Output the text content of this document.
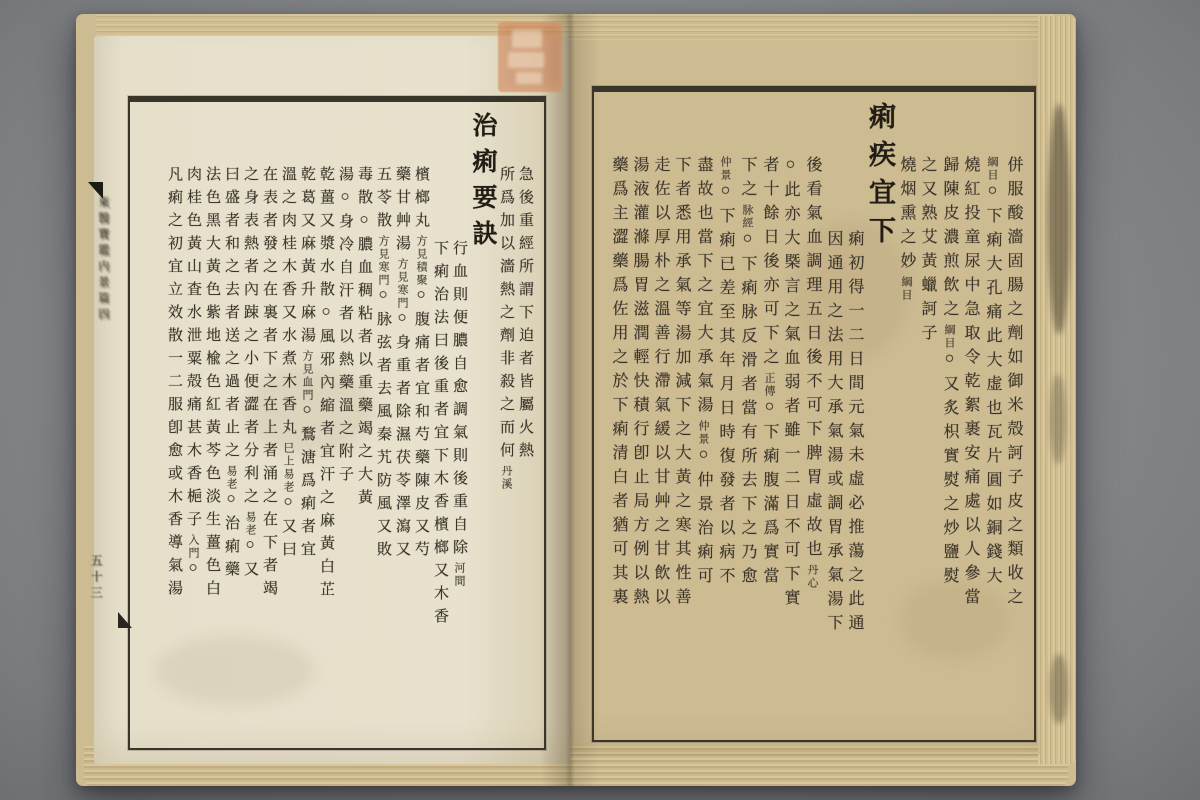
急後重經所謂下迫者皆屬火熱
所爲加以濇熱之劑非殺之而何丹溪
治痢要訣
行血則便膿自愈調氣則後重自除河間
下痢治法曰後重者宜下木香檳榔又木香
檳榔丸方見積聚○腹痛者宜和芍藥陳皮又芍
藥甘艸湯方見寒門○身重者除濕茯苓澤瀉又
五苓散方見寒門○脉弦者去風秦艽防風又敗
毒散○膿血稠粘者以重藥竭之大黃
湯○身冷自汗者以熱藥溫之附子
乾薑又漿水散○風邪內縮者宜汗之麻黃白芷
乾葛又麻黃升麻湯方見血門○鶩溏爲痢者宜
溫之肉桂木香又水煮木香丸巳上易老○又曰
在表者發之在裏者下之在上者涌之在下者竭
之身表熱者內踈之小便澀者分利之易老○又
曰盛者和之去者送之過者止之易老○治痢藥
法色黑大黃色紫地楡色紅黃芩色淡生薑色白
肉桂色黃山査水泄粟殻痛甚木香梔子入門○
凡痢之初宜立效散一二服卽愈或木香導氣湯	併服酸濇固腸之劑如御米殻訶子皮之類收之
綱目○下痢大孔痛此大虚也瓦片圓如銅錢大
燒紅投童尿中急取令乾絮裹安痛處以人參當
歸陳皮濃煎飲之綱目○又炙枳實熨之炒鹽熨
之又熟艾黃蠟訶子
燒烟熏之妙綱目
痢疾宜下
痢初得一二日間元氣未虛必推蕩之此通
因通用之法用大承氣湯或調胃承氣湯下
後看氣血調理五日後不可下脾胃虛故也丹心
○此亦大槩言之氣血弱者雖一二日不可下實
者十餘日後亦可下之正傳○下痢腹滿爲實當
下之脉經○下痢脉反滑者當有所去下之乃愈
仲景○下痢已差至其年月日時復發者以病不
盡故也當下之宜大承氣湯仲景○仲景治痢可
下者悉用承氣等湯加減下之大黃之寒其性善
走佐以厚朴之溫善行滯氣緩以甘艸之甘飲以
湯液灌滌腸胃滋潤輕快積行卽止局方例以熱
藥爲主澀藥爲佐用之於下痢清白者猶可其裏
東醫寶鑑内景篇四
五十三
